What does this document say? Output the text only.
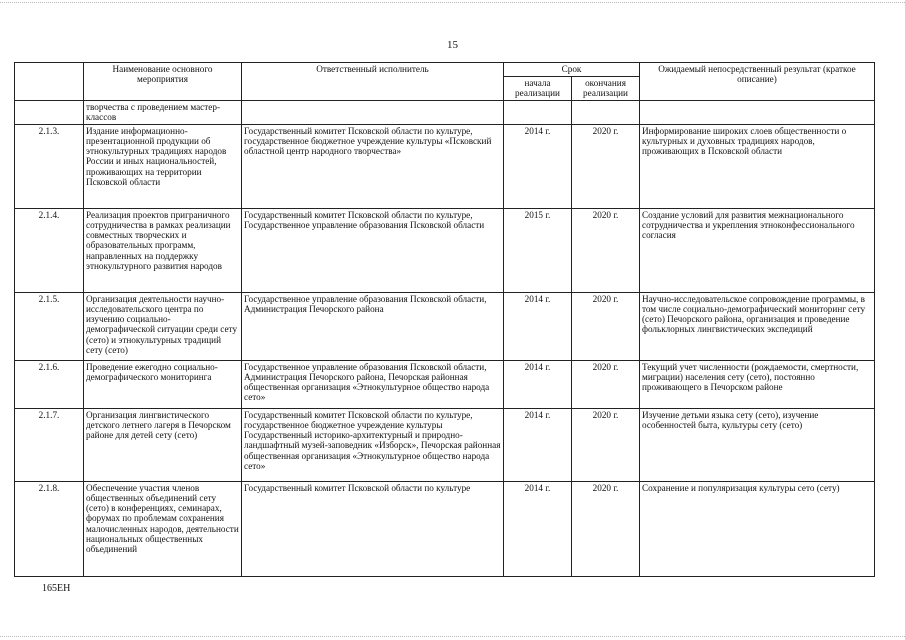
15
	Наименование основного мероприятия	Ответственный исполнитель	Срок		Ожидаемый непосредственный результат (краткое описание)
			начала реализации	окончания реализации	
	творчества с проведением мастер-классов				
2.1.3.	Издание информационно-презентационной продукции об этнокультурных традициях народов России и иных национальностей, проживающих на территории Псковской области	Государственный комитет Псковской области по культуре, государственное бюджетное учреждение культуры «Псковский областной центр народного творчества»	2014 г.	2020 г.	Информирование широких слоев общественности о культурных и духовных традициях народов, проживающих в Псковской области
2.1.4.	Реализация проектов приграничного сотрудничества в рамках реализации совместных творческих и образовательных программ, направленных на поддержку этнокультурного развития народов	Государственный комитет Псковской области по культуре, Государственное управление образования Псковской области	2015 г.	2020 г.	Создание условий для развития межнационального сотрудничества и укрепления этноконфессионального согласия
2.1.5.	Организация деятельности научно-исследовательского центра по изучению социально-демографической ситуации среди сету (сето) и этнокультурных традиций сету (сето)	Государственное управление образования Псковской области, Администрация Печорского района	2014 г.	2020 г.	Научно-исследовательское сопровождение программы, в том числе социально-демографический мониторинг сету (сето) Печорского района, организация и проведение фольклорных лингвистических экспедиций
2.1.6.	Проведение ежегодно социально-демографического мониторинга	Государственное управление образования Псковской области, Администрация Печорского района, Печорская районная общественная организация «Этнокультурное общество народа сето»	2014 г.	2020 г.	Текущий учет численности (рождаемости, смертности, миграции) населения сету (сето), постоянно проживающего в Печорском районе
2.1.7.	Организация лингвистического детского летнего лагеря в Печорском районе для детей сету (сето)	Государственный комитет Псковской области по культуре, государственное бюджетное учреждение культуры Государственный историко-архитектурный и природно-ландшафтный музей-заповедник «Изборск», Печорская районная общественная организация «Этнокультурное общество народа сето»	2014 г.	2020 г.	Изучение детьми языка сету (сето), изучение особенностей быта, культуры сету (сето)
2.1.8.	Обеспечение участия членов общественных объединений сету (сето) в конференциях, семинарах, форумах по проблемам сохранения малочисленных народов, деятельности национальных общественных объединений	Государственный комитет Псковской области по культуре	2014 г.	2020 г.	Сохранение и популяризация культуры сето (сету)
165ЕН
